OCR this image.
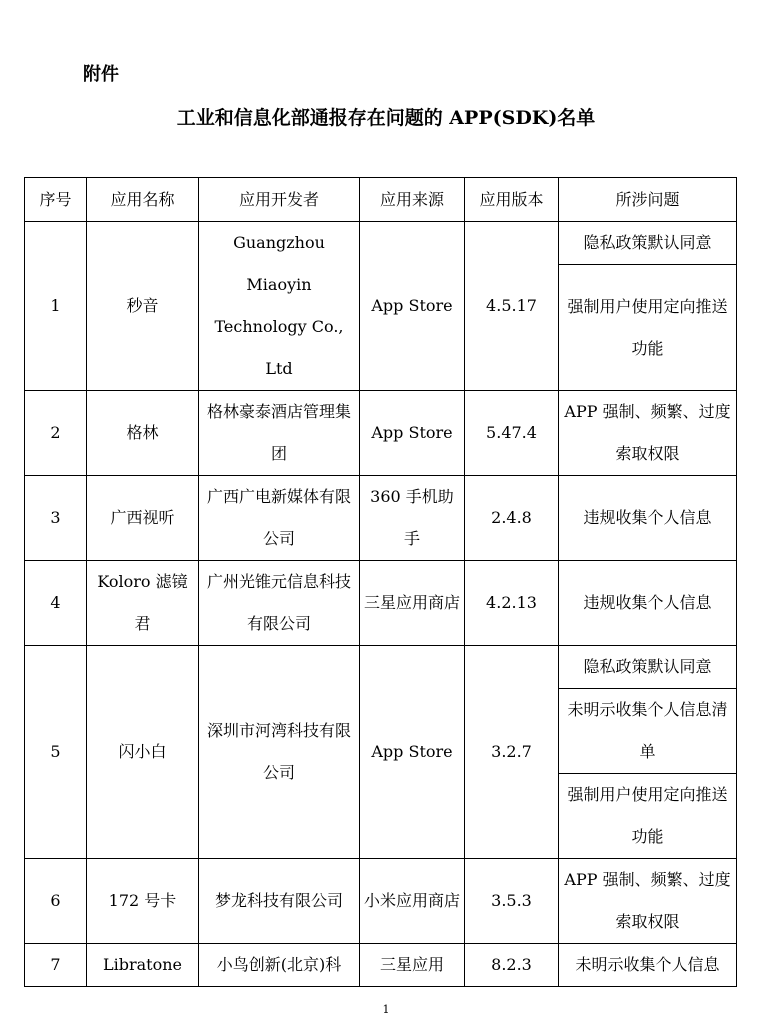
附件
工业和信息化部通报存在问题的 APP(SDK)名单
序号	应用名称	应用开发者	应用来源	应用版本	所涉问题
1	秒音	Guangzhou Miaoyin Technology Co., Ltd	App Store	4.5.17	隐私政策默认同意
					强制用户使用定向推送功能
2	格林	格林豪泰酒店管理集团	App Store	5.47.4	APP 强制、频繁、过度索取权限
3	广西视听	广西广电新媒体有限公司	360 手机助手	2.4.8	违规收集个人信息
4	Koloro 滤镜君	广州光锥元信息科技有限公司	三星应用商店	4.2.13	违规收集个人信息
5	闪小白	深圳市河湾科技有限公司	App Store	3.2.7	隐私政策默认同意
					未明示收集个人信息清单
					强制用户使用定向推送功能
6	172 号卡	梦龙科技有限公司	小米应用商店	3.5.3	APP 强制、频繁、过度索取权限
7	Libratone	小鸟创新(北京)科	三星应用	8.2.3	未明示收集个人信息
1
